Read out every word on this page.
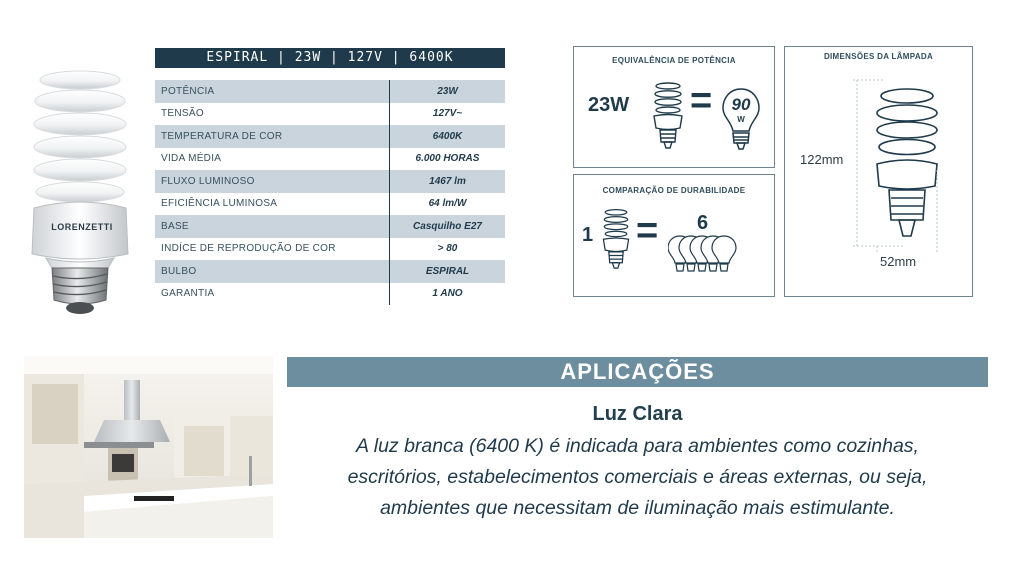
LORENZETTI
ESPIRAL | 23W | 127V | 6400K
POTÊNCIA	23W
TENSÃO	127V~
TEMPERATURA DE COR	6400K
VIDA MÉDIA	6.000 HORAS
FLUXO LUMINOSO	1467 lm
EFICIÊNCIA LUMINOSA	64 lm/W
BASE	Casquilho E27
INDÍCE DE REPRODUÇÃO DE COR	> 80
BULBO	ESPIRAL
GARANTIA	1 ANO
EQUIVALÊNCIA DE POTÊNCIA
23W =	90
W
COMPARAÇÃO DE DURABILIDADE
1 = 6
DIMENSÕES DA LÂMPADA
122mm
52mm
APLICAÇÕES
Luz Clara
A luz branca (6400 K) é indicada para ambientes como cozinhas,
escritórios, estabelecimentos comerciais e áreas externas, ou seja,
ambientes que necessitam de iluminação mais estimulante.
